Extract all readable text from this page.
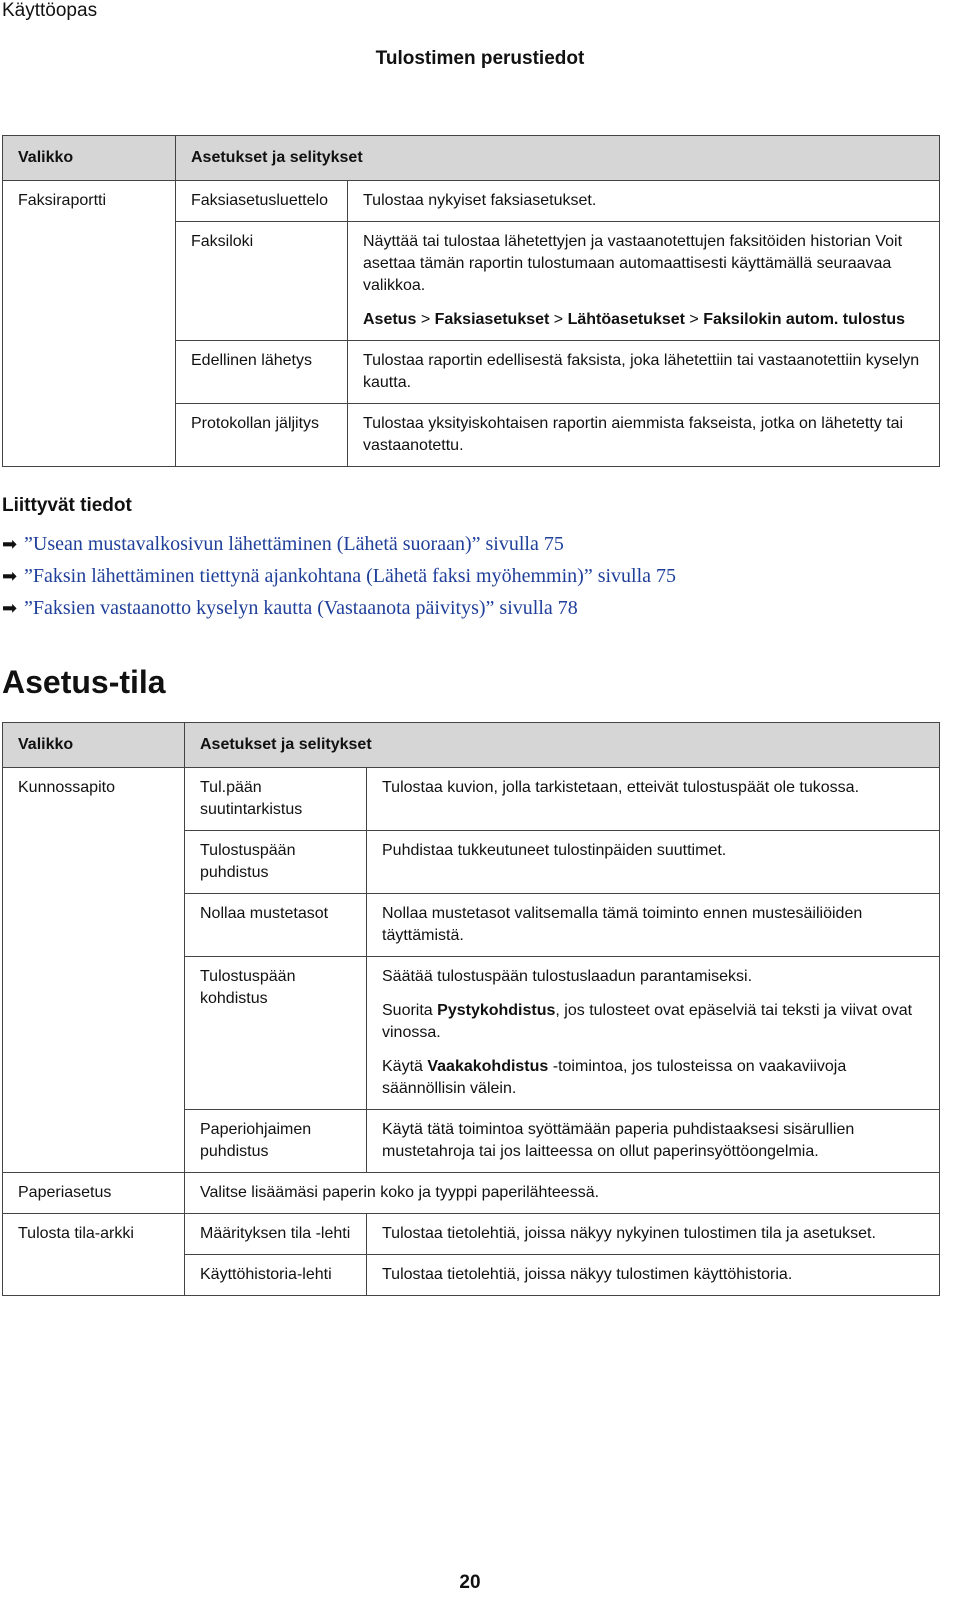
Käyttöopas
Tulostimen perustiedot
Valikko	Asetukset ja selitykset	
Faksiraportti	Faksiasetusluettelo	Tulostaa nykyiset faksiasetukset.
	Faksiloki	Näyttää tai tulostaa lähetettyjen ja vastaanotettujen faksitöiden historian Voit asettaa tämän raportin tulostumaan automaattisesti käyttämällä seuraavaa valikkoa.
Asetus > Faksiasetukset > Lähtöasetukset > Faksilokin autom. tulostus

	Edellinen lähetys	Tulostaa raportin edellisestä faksista, joka lähetettiin tai vastaanotettiin kyselyn kautta.
	Protokollan jäljitys	Tulostaa yksityiskohtaisen raportin aiemmista fakseista, jotka on lähetetty tai vastaanotettu.
Liittyvät tiedot
➡ ”Usean mustavalkosivun lähettäminen (Lähetä suoraan)” sivulla 75
➡ ”Faksin lähettäminen tiettynä ajankohtana (Lähetä faksi myöhemmin)” sivulla 75
➡ ”Faksien vastaanotto kyselyn kautta (Vastaanota päivitys)” sivulla 78
Asetus-tila
Valikko	Asetukset ja selitykset	
Kunnossapito	Tul.pään suutintarkistus	Tulostaa kuvion, jolla tarkistetaan, etteivät tulostuspäät ole tukossa.
	Tulostuspään puhdistus	Puhdistaa tukkeutuneet tulostinpäiden suuttimet.
	Nollaa mustetasot	Nollaa mustetasot valitsemalla tämä toiminto ennen mustesäiliöiden täyttämistä.
	Tulostuspään kohdistus	Säätää tulostuspään tulostuslaadun parantamiseksi.

Suorita Pystykohdistus, jos tulosteet ovat epäselviä tai teksti ja viivat ovat vinossa.

Käytä Vaakakohdistus -toimintoa, jos tulosteissa on vaakaviivoja säännöllisin välein.

	Paperiohjaimen puhdistus	Käytä tätä toimintoa syöttämään paperia puhdistaaksesi sisärullien mustetahroja tai jos laitteessa on ollut paperinsyöttöongelmia.
Paperiasetus	Valitse lisäämäsi paperin koko ja tyyppi paperilähteessä.	
Tulosta tila-arkki	Määrityksen tila -lehti	Tulostaa tietolehtiä, joissa näkyy nykyinen tulostimen tila ja asetukset.
	Käyttöhistoria-lehti	Tulostaa tietolehtiä, joissa näkyy tulostimen käyttöhistoria.
20
